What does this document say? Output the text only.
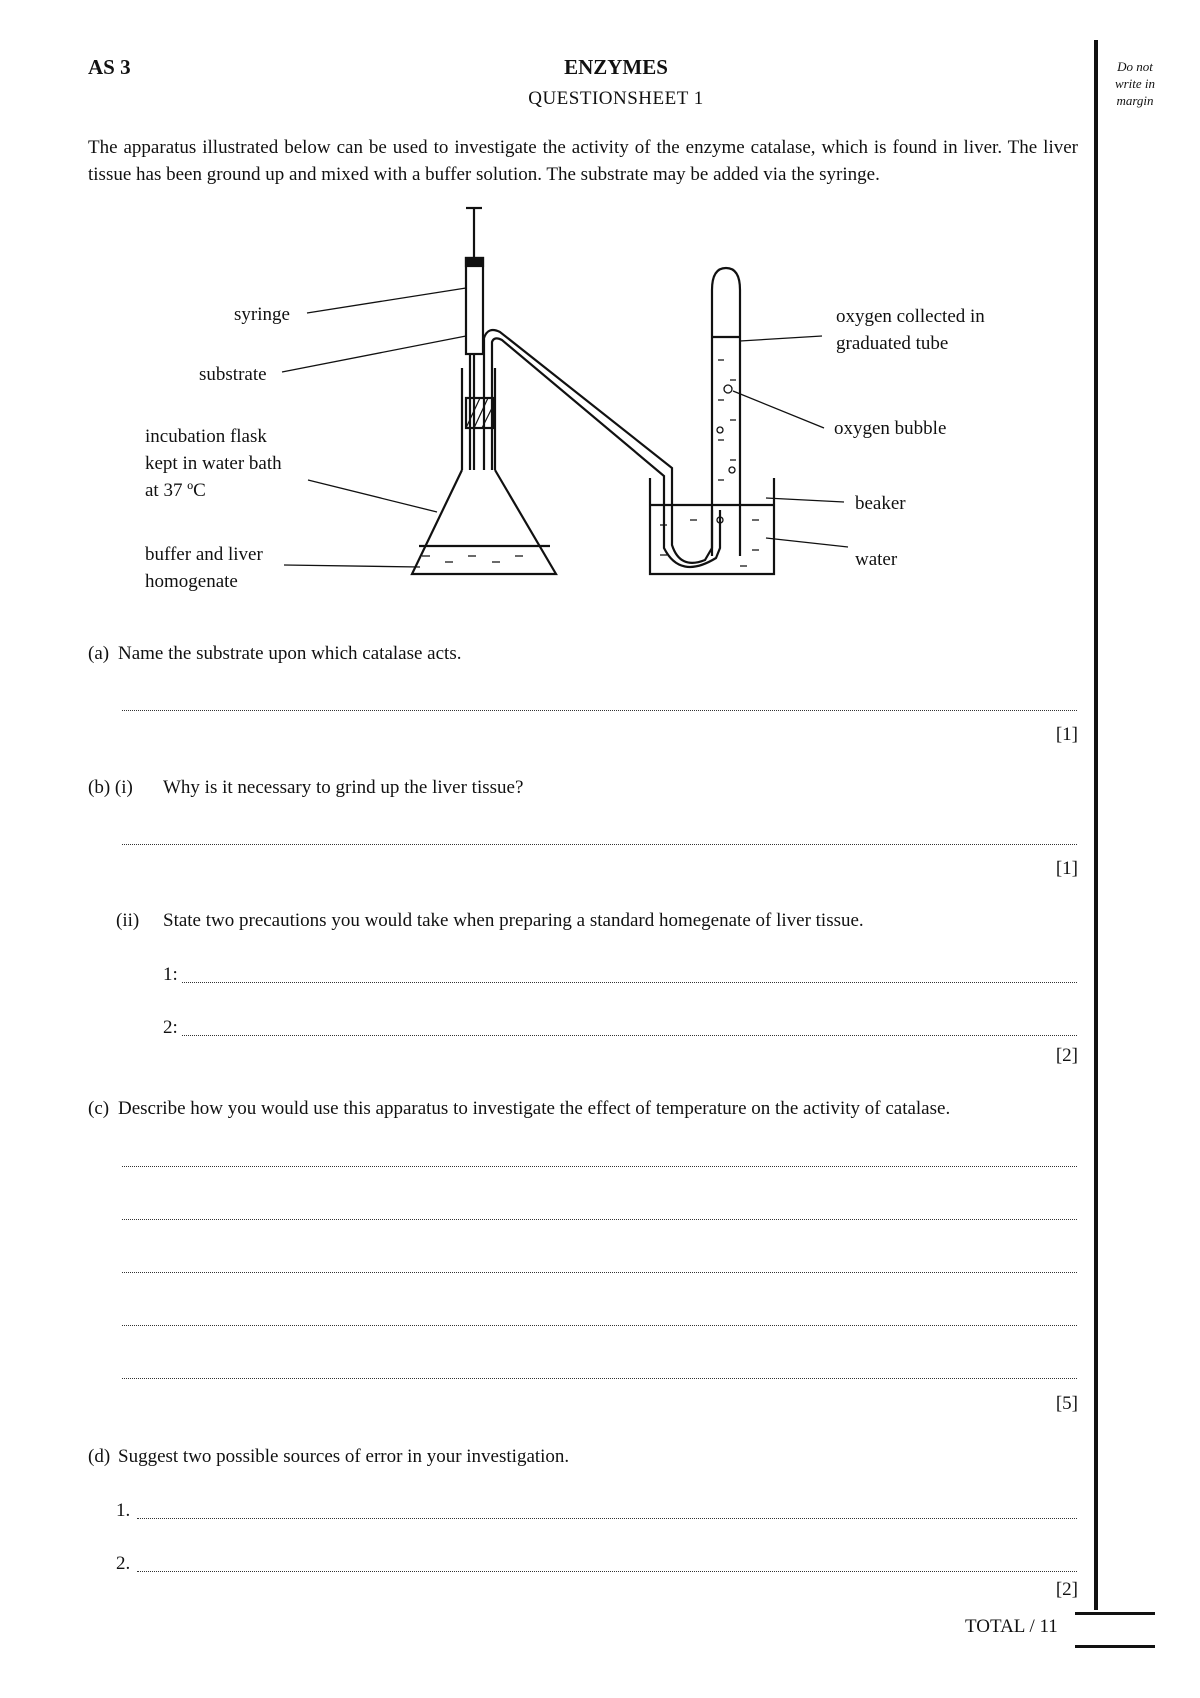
AS 3	ENZYMES
QUESTIONSHEET 1
Do not
write in
margin
The apparatus illustrated below can be used to investigate the activity of the enzyme catalase, which is found in liver. The liver tissue has been ground up and mixed with a buffer solution. The substrate may be added via the syringe.
syringe
substrate
incubation flask
kept in water bath
at 37 ºC
buffer and liver
homogenate
oxygen collected in
graduated tube
oxygen bubble
beaker
water
(a) Name the substrate upon which catalase acts.
[1]
(b) (i) Why is it necessary to grind up the liver tissue?
[1]
(ii) State two precautions you would take when preparing a standard homegenate of liver tissue.
1:
2:
[2]
(c) Describe how you would use this apparatus to investigate the effect of temperature on the activity of catalase.
[5]
(d) Suggest two possible sources of error in your investigation.
1.
2.
[2]
TOTAL / 11
